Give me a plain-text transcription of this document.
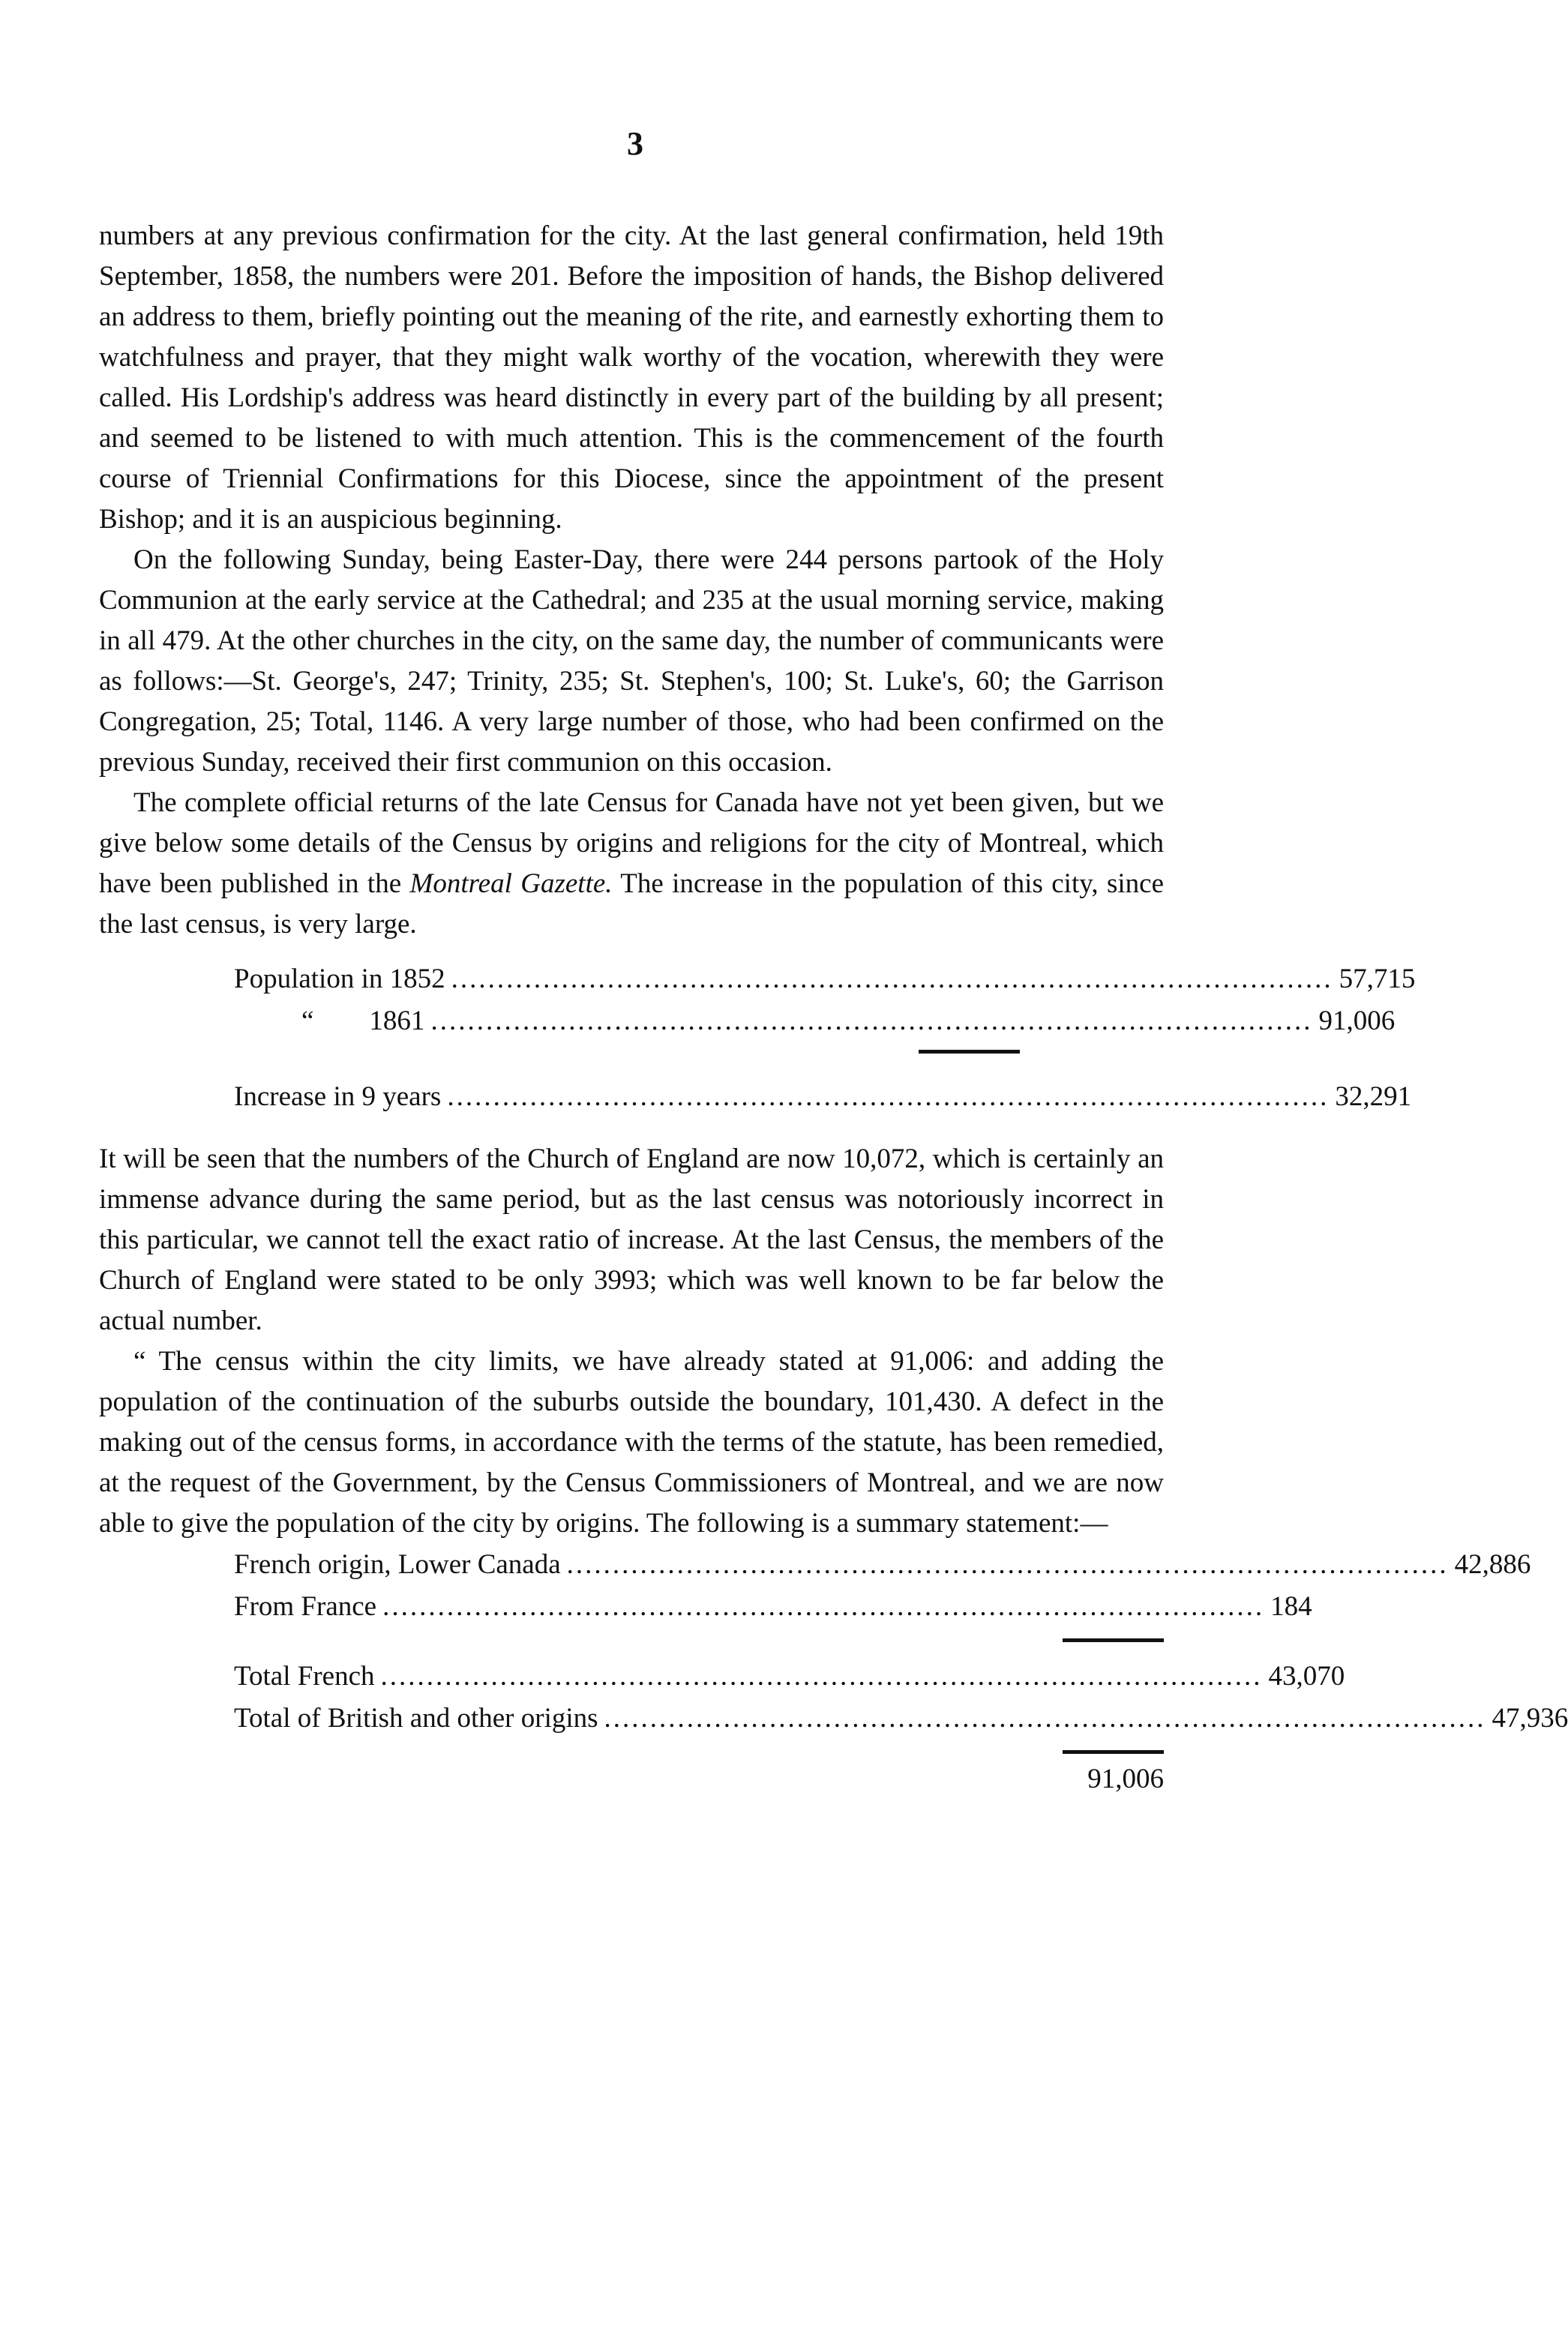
3

numbers at any previous confirmation for the city. At the last general confirmation, held 19th September, 1858, the numbers were 201. Before the imposition of hands, the Bishop delivered an address to them, briefly pointing out the meaning of the rite, and earnestly exhorting them to watchfulness and prayer, that they might walk worthy of the vocation, wherewith they were called. His Lordship's address was heard distinctly in every part of the building by all present; and seemed to be listened to with much attention. This is the commencement of the fourth course of Triennial Confirmations for this Diocese, since the appointment of the present Bishop; and it is an auspicious beginning.

On the following Sunday, being Easter-Day, there were 244 persons partook of the Holy Communion at the early service at the Cathedral; and 235 at the usual morning service, making in all 479. At the other churches in the city, on the same day, the number of communicants were as follows:—St. George's, 247; Trinity, 235; St. Stephen's, 100; St. Luke's, 60; the Garrison Congregation, 25; Total, 1146. A very large number of those, who had been confirmed on the previous Sunday, received their first communion on this occasion.

The complete official returns of the late Census for Canada have not yet been given, but we give below some details of the Census by origins and religions for the city of Montreal, which have been published in the Montreal Gazette. The increase in the population of this city, since the last census, is very large.

Population in 1852 ................................................................................................ 57,715
“        1861 ................................................................................................ 91,006
Increase in 9 years ................................................................................................ 32,291

It will be seen that the numbers of the Church of England are now 10,072, which is certainly an immense advance during the same period, but as the last census was notoriously incorrect in this particular, we cannot tell the exact ratio of increase. At the last Census, the members of the Church of England were stated to be only 3993; which was well known to be far below the actual number.

“ The census within the city limits, we have already stated at 91,006: and adding the population of the continuation of the suburbs outside the boundary, 101,430. A defect in the making out of the census forms, in accordance with the terms of the statute, has been remedied, at the request of the Government, by the Census Commissioners of Montreal, and we are now able to give the population of the city by origins. The following is a summary statement:—

French origin, Lower Canada ................................................................................................ 42,886
From France ................................................................................................ 184
Total French ................................................................................................ 43,070
Total of British and other origins ................................................................................................ 47,936
91,006
